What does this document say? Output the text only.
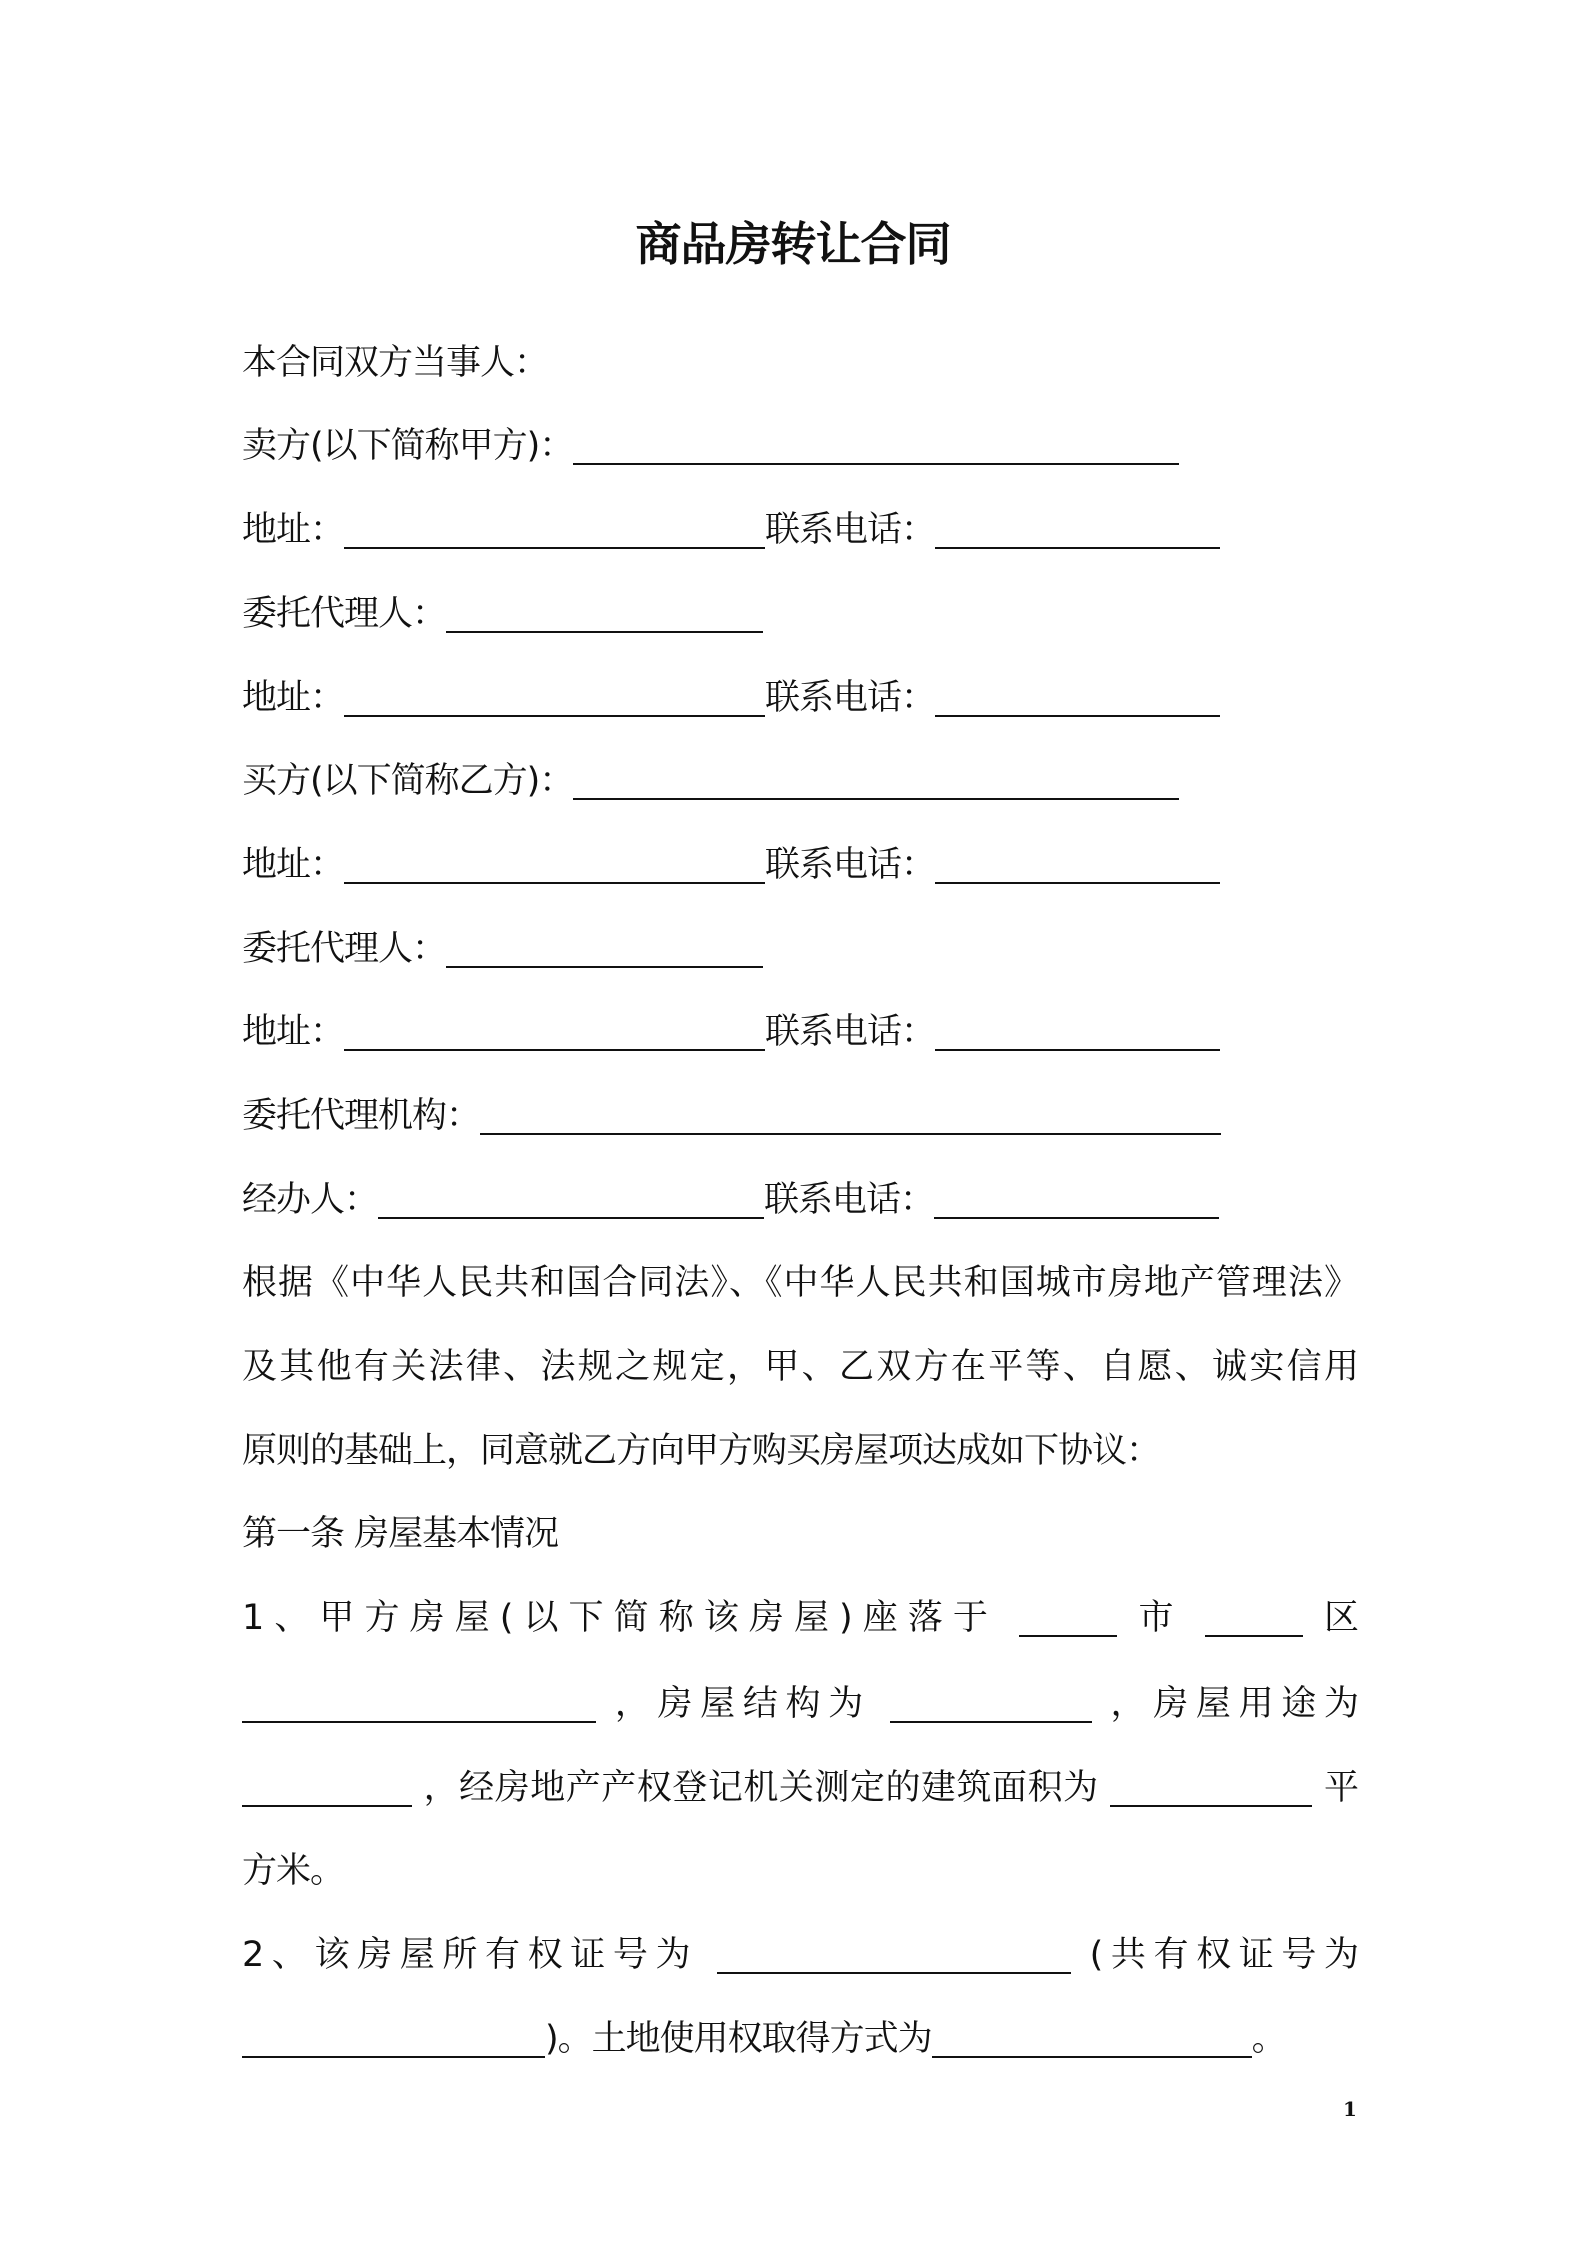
商品房转让合同
本合同双方当事人：
卖方(以下简称甲方)：
地址：	联系电话：
委托代理人：
地址：	联系电话：
买方(以下简称乙方)：
地址：	联系电话：
委托代理人：
地址：	联系电话：
委托代理机构：
经办人：	联系电话：
根据《中华人民共和国合同法》、《中华人民共和国城市房地产管理法》
及其他有关法律、法规之规定，甲、乙双方在平等、自愿、诚实信用
原则的基础上，同意就乙方向甲方购买房屋项达成如下协议：
第一条 房屋基本情况
1、甲方房屋(以下简称该房屋)座落于	市	区
，房屋结构为	，房屋用途为
，经房地产产权登记机关测定的建筑面积为	平
方米。
2、该房屋所有权证号为	(共有权证号为
)。土地使用权取得方式为	。
1
